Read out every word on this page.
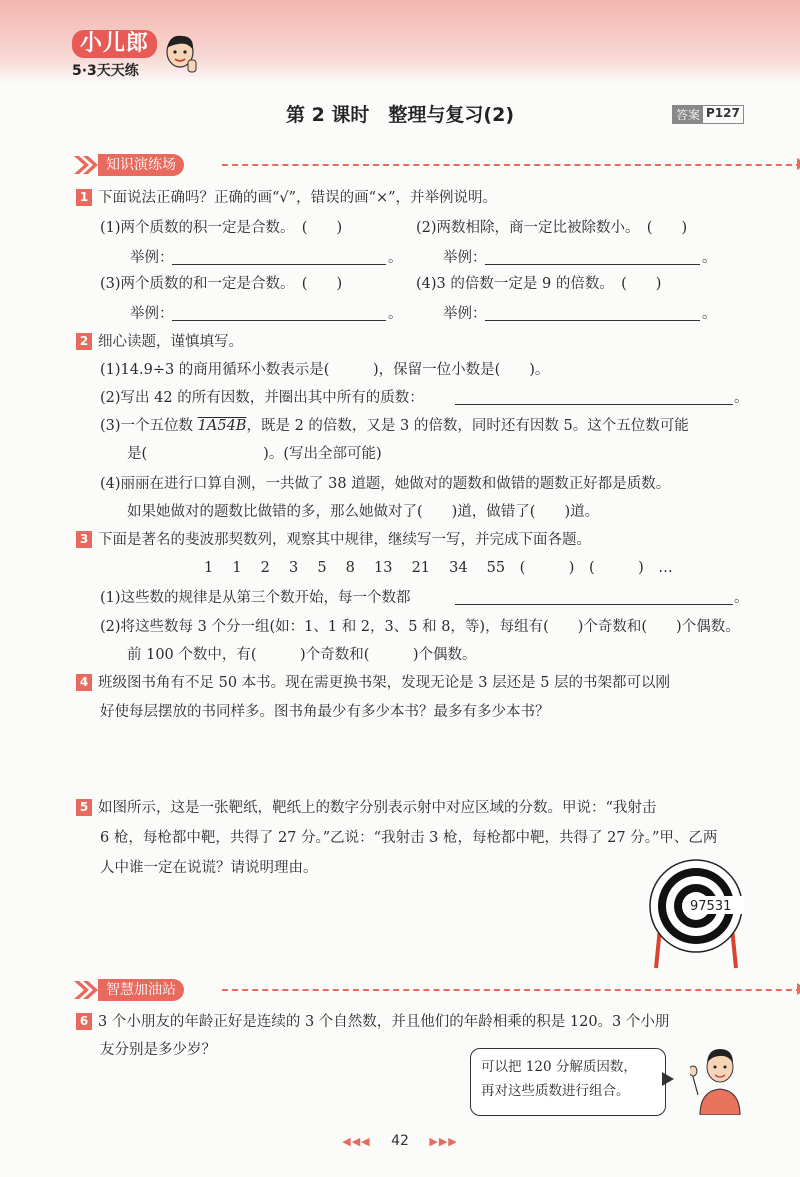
小儿郎
5·3天天练
第 2 课时　整理与复习(2)	答案 P127
知识演练场
1 下面说法正确吗？正确的画“√”，错误的画“×”，并举例说明。
(1)两个质数的积一定是合数。　(　　)	(2)两数相除，商一定比被除数小。　(　　)
举例：	。	举例：	。
(3)两个质数的和一定是合数。　(　　)	(4)3 的倍数一定是 9 的倍数。　(　　)
举例：	。	举例：	。
2 细心读题，谨慎填写。
(1)14.9÷3 的商用循环小数表示是(　　　)，保留一位小数是(　　)。
(2)写出 42 的所有因数，并圈出其中所有的质数：	。
(3)一个五位数 1A54B，既是 2 的倍数，又是 3 的倍数，同时还有因数 5。这个五位数可能
是(　　　　　　　　)。(写出全部可能)
(4)丽丽在进行口算自测，一共做了 38 道题，她做对的题数和做错的题数正好都是质数。
如果她做对的题数比做错的多，那么她做对了(　　)道，做错了(　　)道。
3 下面是著名的斐波那契数列，观察其中规律，继续写一写，并完成下面各题。
1　 1　 2　 3　 5　 8　 13　 21　 34　 55　(　　　)　(　　　)　…
(1)这些数的规律是从第三个数开始，每一个数都	。
(2)将这些数每 3 个分一组(如：1、1 和 2，3、5 和 8，等)，每组有(　　)个奇数和(　　)个偶数。
前 100 个数中，有(　　　)个奇数和(　　　)个偶数。
4 班级图书角有不足 50 本书。现在需更换书架，发现无论是 3 层还是 5 层的书架都可以刚
好使每层摆放的书同样多。图书角最少有多少本书？最多有多少本书？
5 如图所示，这是一张靶纸，靶纸上的数字分别表示射中对应区域的分数。甲说：“我射击
6 枪，每枪都中靶，共得了 27 分。”乙说：“我射击 3 枪，每枪都中靶，共得了 27 分。”甲、乙两
人中谁一定在说谎？请说明理由。
97531
智慧加油站
6 3 个小朋友的年龄正好是连续的 3 个自然数，并且他们的年龄相乘的积是 120。3 个小朋
友分别是多少岁？
可以把 120 分解质因数，
再对这些质数进行组合。
◀◀◀ 42 ▶▶▶
